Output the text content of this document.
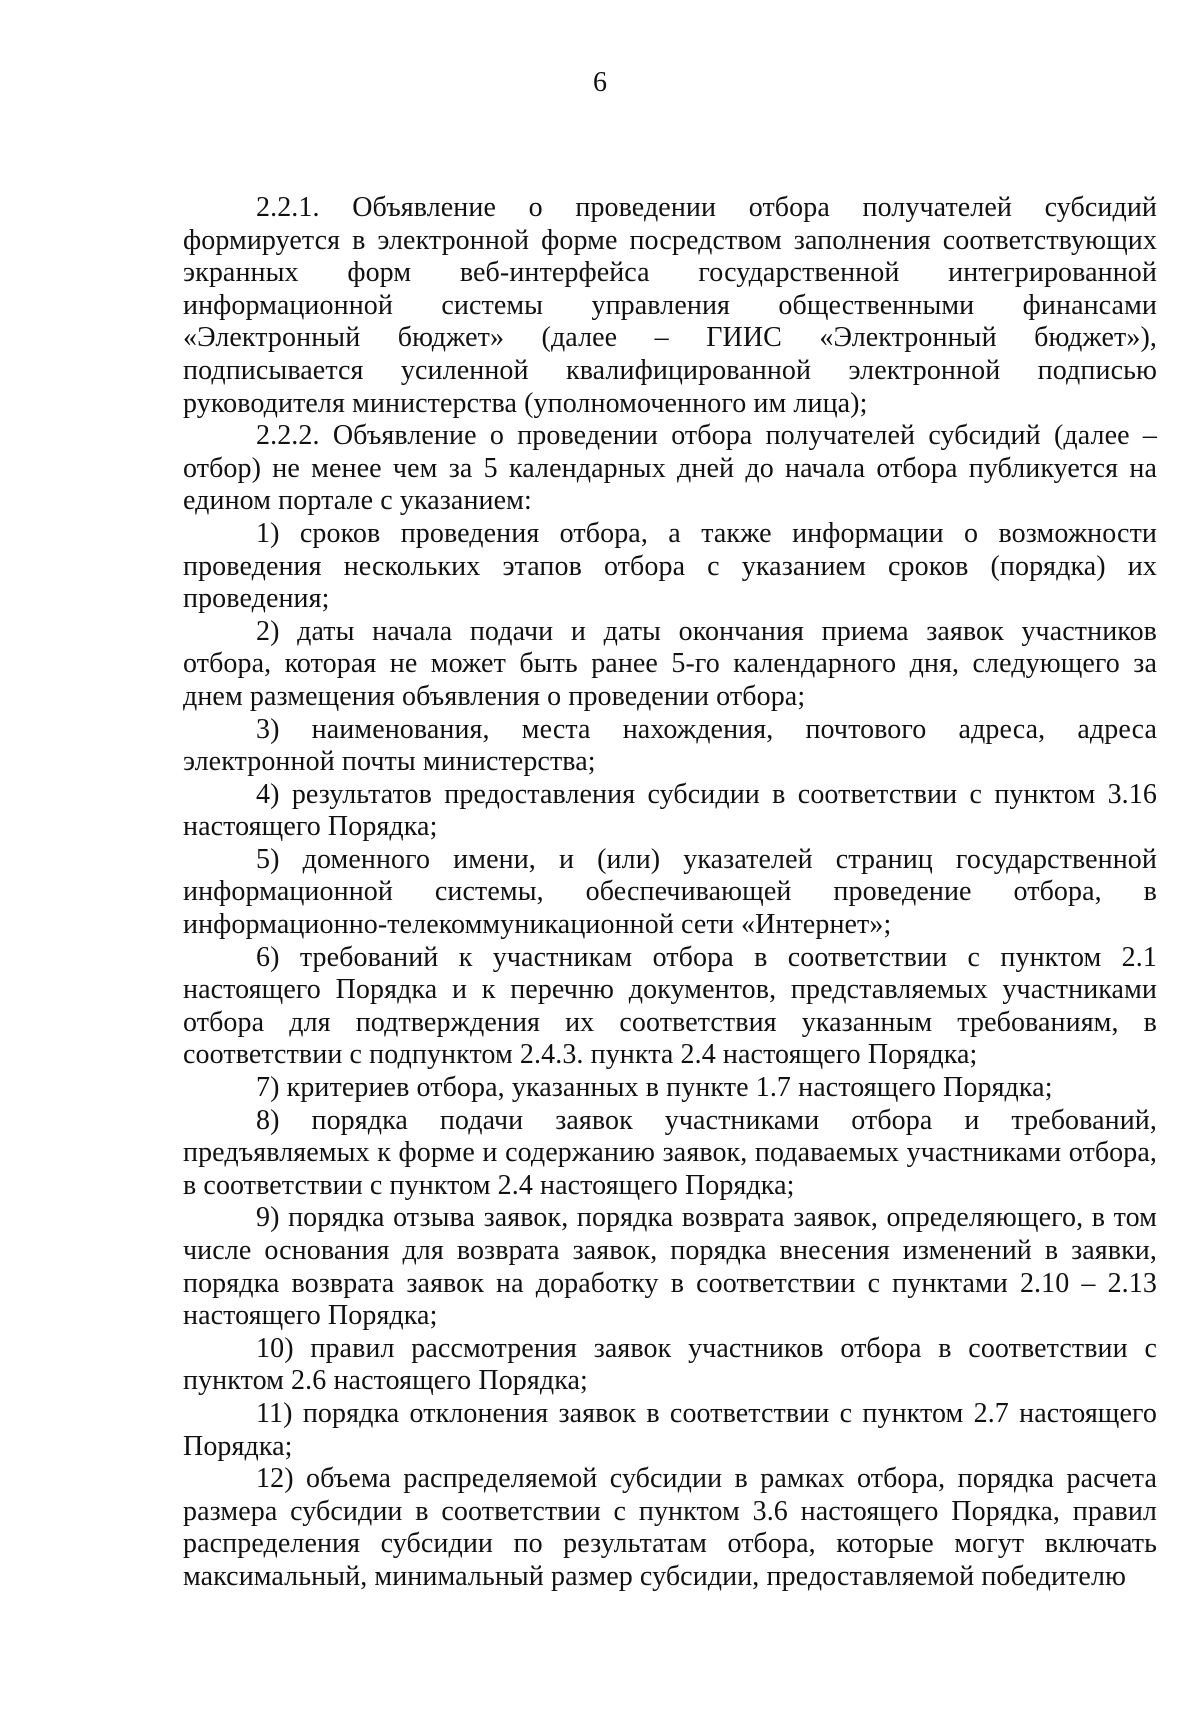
6

2.2.1. Объявление о проведении отбора получателей субсидий формируется в электронной форме посредством заполнения соответствующих экранных форм веб-интерфейса государственной интегрированной информационной системы управления общественными финансами «Электронный бюджет» (далее – ГИИС «Электронный бюджет»), подписывается усиленной квалифицированной электронной подписью руководителя министерства (уполномоченного им лица);

2.2.2. Объявление о проведении отбора получателей субсидий (далее – отбор) не менее чем за 5 календарных дней до начала отбора публикуется на едином портале с указанием:

1) сроков проведения отбора, а также информации о возможности проведения нескольких этапов отбора с указанием сроков (порядка) их проведения;

2) даты начала подачи и даты окончания приема заявок участников отбора, которая не может быть ранее 5-го календарного дня, следующего за днем размещения объявления о проведении отбора;

3) наименования, места нахождения, почтового адреса, адреса электронной почты министерства;

4) результатов предоставления субсидии в соответствии с пунктом 3.16 настоящего Порядка;

5) доменного имени, и (или) указателей страниц государственной информационной системы, обеспечивающей проведение отбора, в информационно-телекоммуникационной сети «Интернет»;

6) требований к участникам отбора в соответствии с пунктом 2.1 настоящего Порядка и к перечню документов, представляемых участниками отбора для подтверждения их соответствия указанным требованиям, в соответствии с подпунктом 2.4.3. пункта 2.4 настоящего Порядка;

7) критериев отбора, указанных в пункте 1.7 настоящего Порядка;

8) порядка подачи заявок участниками отбора и требований, предъявляемых к форме и содержанию заявок, подаваемых участниками отбора, в соответствии с пунктом 2.4 настоящего Порядка;

9) порядка отзыва заявок, порядка возврата заявок, определяющего, в том числе основания для возврата заявок, порядка внесения изменений в заявки, порядка возврата заявок на доработку в соответствии с пунктами 2.10 – 2.13 настоящего Порядка;

10) правил рассмотрения заявок участников отбора в соответствии с пунктом 2.6 настоящего Порядка;

11) порядка отклонения заявок в соответствии с пунктом 2.7 настоящего Порядка;

12) объема распределяемой субсидии в рамках отбора, порядка расчета размера субсидии в соответствии с пунктом 3.6 настоящего Порядка, правил распределения субсидии по результатам отбора, которые могут включать максимальный, минимальный размер субсидии, предоставляемой победителю
